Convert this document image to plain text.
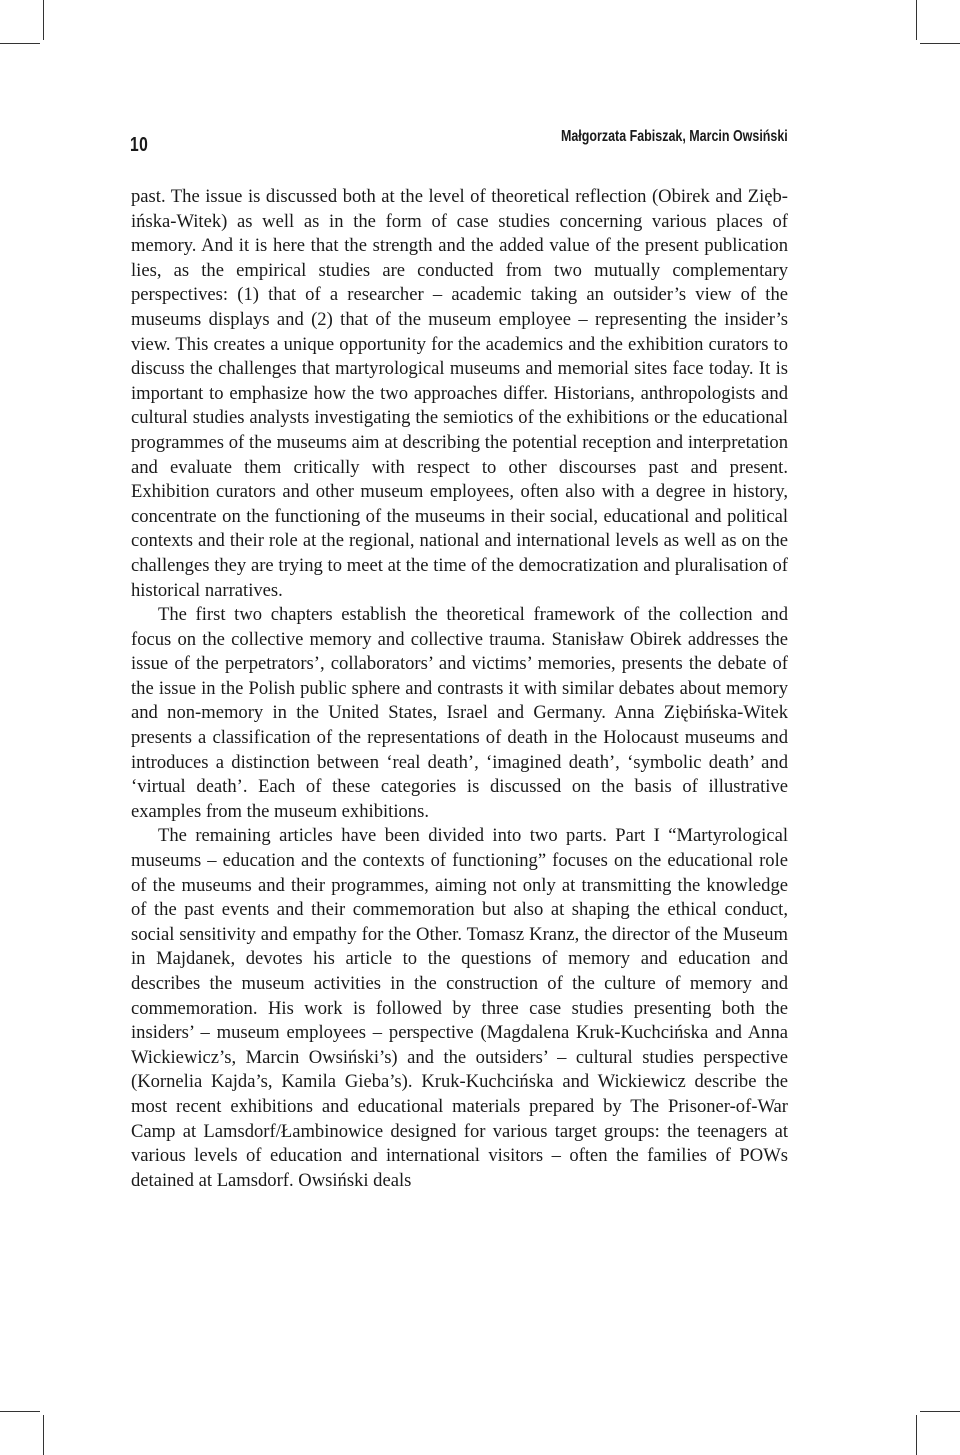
10	Małgorzata Fabiszak, Marcin Owsiński

past. The issue is discussed both at the level of theoretical reflection (Obirek and Ziębińska-Witek) as well as in the form of case studies concerning various places of memory. And it is here that the strength and the added value of the present publication lies, as the empirical studies are conducted from two mutually complementary perspectives: (1) that of a researcher – academic taking an outsider’s view of the museums displays and (2) that of the museum employee – representing the insider’s view. This creates a unique opportunity for the academics and the exhibition curators to discuss the challenges that martyrological museums and memorial sites face today. It is important to emphasize how the two approaches differ. Historians, anthropologists and cultural studies analysts investigating the semiotics of the exhibitions or the educational programmes of the museums aim at describing the potential reception and interpretation and evaluate them critically with respect to other discourses past and present. Exhibition curators and other museum employees, often also with a degree in history, concentrate on the functioning of the museums in their social, educational and political contexts and their role at the regional, national and international levels as well as on the challenges they are trying to meet at the time of the democratization and pluralisation of historical narratives.

The first two chapters establish the theoretical framework of the collection and focus on the collective memory and collective trauma. Stanisław Obirek addresses the issue of the perpetrators’, collaborators’ and victims’ memories, presents the debate of the issue in the Polish public sphere and contrasts it with similar debates about memory and non-memory in the United States, Israel and Germany. Anna Ziębińska-Witek presents a classification of the representations of death in the Holocaust museums and introduces a distinction between ‘real death’, ‘imagined death’, ‘symbolic death’ and ‘virtual death’. Each of these categories is discussed on the basis of illustrative examples from the museum exhibitions.

The remaining articles have been divided into two parts. Part I “Martyrological museums – education and the contexts of functioning” focuses on the educational role of the museums and their programmes, aiming not only at transmitting the knowledge of the past events and their commemoration but also at shaping the ethical conduct, social sensitivity and empathy for the Other. Tomasz Kranz, the director of the Museum in Majdanek, devotes his article to the questions of memory and education and describes the museum activities in the construction of the culture of memory and commemoration. His work is followed by three case studies presenting both the insiders’ – museum employees – perspective (Magdalena Kruk-Kuchcińska and Anna Wickiewicz’s, Marcin Owsiński’s) and the outsiders’ – cultural studies perspective (Kornelia Kajda’s, Kamila Gieba’s). Kruk-Kuchcińska and Wickiewicz describe the most recent exhibitions and educational materials prepared by The Prisoner-of-War Camp at Lamsdorf/Łambinowice designed for various target groups: the teenagers at various levels of education and international visitors – often the families of POWs detained at Lamsdorf. Owsiński deals
